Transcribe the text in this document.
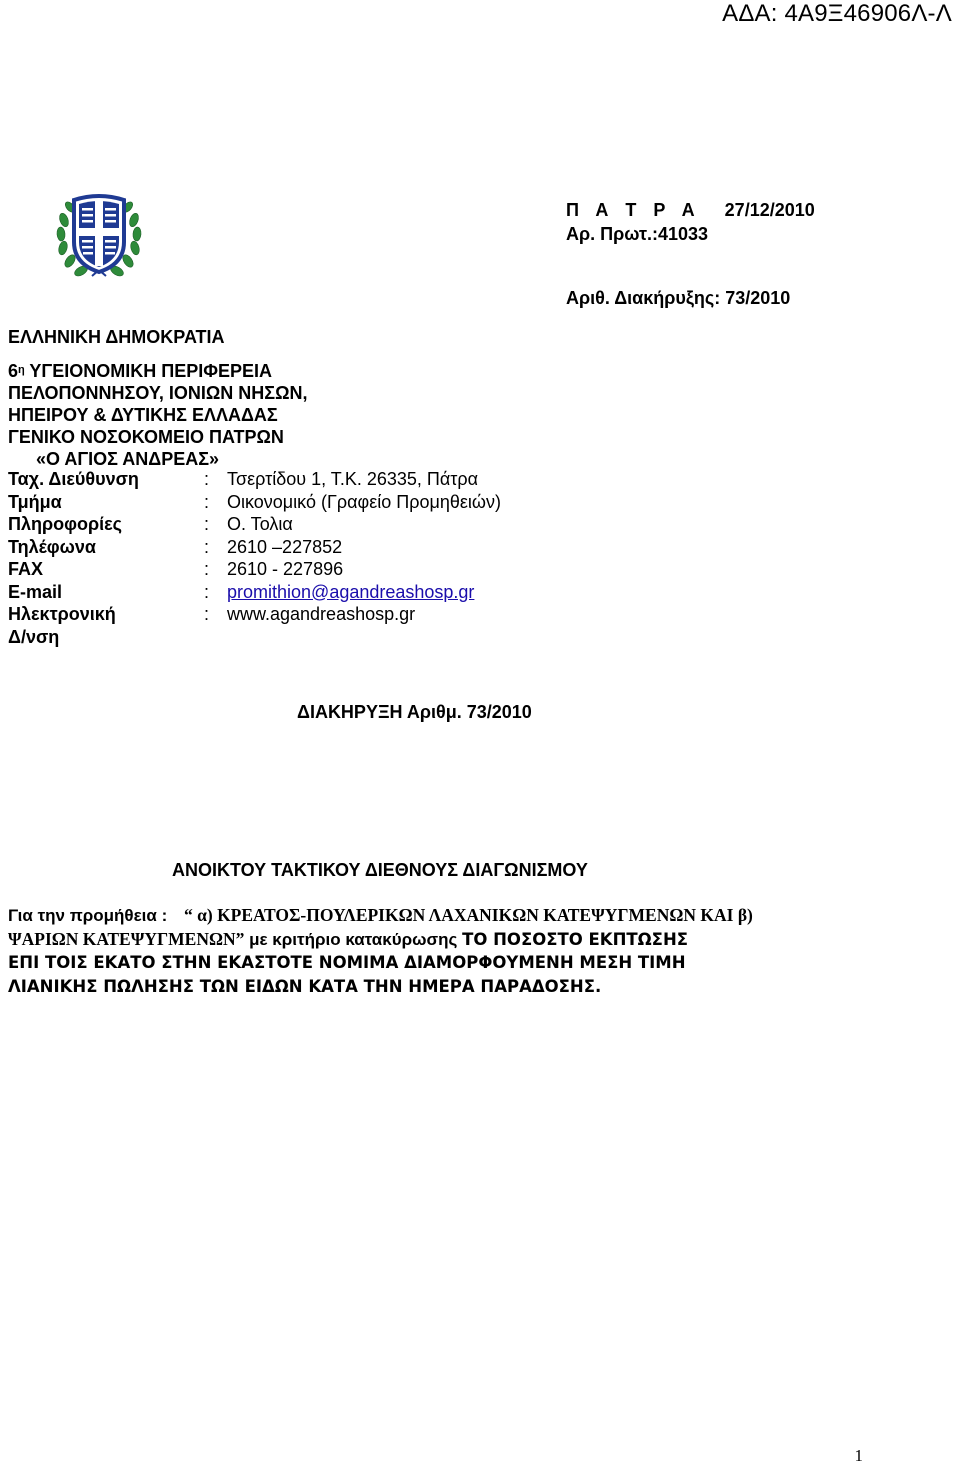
ΑΔΑ: 4Α9Ξ46906Λ-Λ
Π Α Τ Ρ Α 27/12/2010
Αρ. Πρωτ.:41033
Αριθ. Διακήρυξης: 73/2010
ΕΛΛΗΝΙΚΗ ΔΗΜΟΚΡΑΤΙΑ
$6^\eta$ ΥΓΕΙΟΝΟΜΙΚΗ ΠΕΡΙΦΕΡΕΙΑ
ΠΕΛΟΠΟΝΝΗΣΟΥ, ΙΟΝΙΩΝ ΝΗΣΩΝ,
ΗΠΕΙΡΟΥ & ΔΥΤΙΚΗΣ ΕΛΛΑΔΑΣ
ΓΕΝΙΚΟ ΝΟΣΟΚΟΜΕΙΟ ΠΑΤΡΩΝ
«Ο ΑΓΙΟΣ ΑΝΔΡΕΑΣ»
Ταχ. Διεύθυνση	: Τσερτίδου 1, Τ.Κ. 26335, Πάτρα
Τμήμα	: Οικονομικό (Γραφείο Προμηθειών)
Πληροφορίες	: Ο. Τολια
Τηλέφωνα	: 2610 –227852
FAX	: 2610 - 227896
E-mail	: promithion@agandreashosp.gr
Ηλεκτρονική	: www.agandreashosp.gr
Δ/νση
ΔΙΑΚΗΡΥΞΗ Αριθμ. 73/2010
ΑΝΟΙΚΤΟΥ ΤΑΚΤΙΚΟΥ ΔΙΕΘΝΟΥΣ ΔΙΑΓΩΝΙΣΜΟΥ
Για την προμήθεια : “ α) ΚΡΕΑΤΟΣ-ΠΟΥΛΕΡΙΚΩΝ ΛΑΧΑΝΙΚΩΝ ΚΑΤΕΨΥΓΜΕΝΩΝ ΚΑΙ β)
ΨΑΡΙΩΝ ΚΑΤΕΨΥΓΜΕΝΩΝ” με κριτήριο κατακύρωσης ΤΟ ΠΟΣΟΣΤΟ ΕΚΠΤΩΣΗΣ
ΕΠΙ ΤΟΙΣ ΕΚΑΤΟ ΣΤΗΝ ΕΚΑΣΤΟΤΕ ΝΟΜΙΜΑ ΔΙΑΜΟΡΦΟΥΜΕΝΗ ΜΕΣΗ ΤΙΜΗ
ΛΙΑΝΙΚΗΣ ΠΩΛΗΣΗΣ ΤΩΝ ΕΙΔΩΝ ΚΑΤΑ ΤΗΝ ΗΜΕΡΑ ΠΑΡΑΔΟΣΗΣ.
1
